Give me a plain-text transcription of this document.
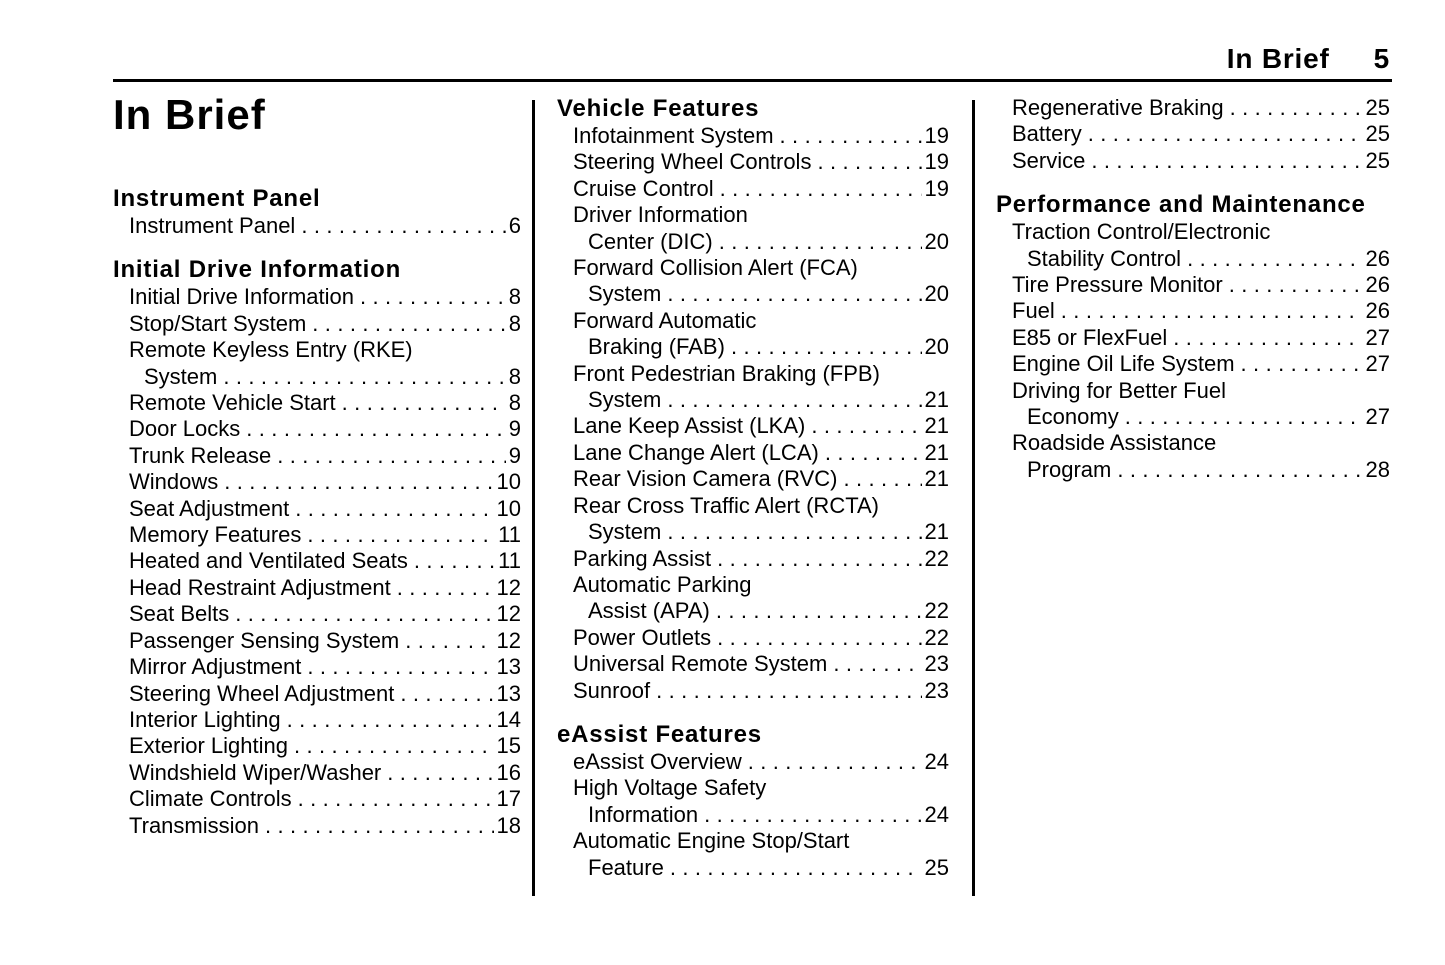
In Brief 5
In Brief
Instrument Panel
Instrument Panel .....	6
Initial Drive Information
Initial Drive Information .....	8
Stop/Start System .....	8
Remote Keyless Entry (RKE)
System .....	8
Remote Vehicle Start .....	8
Door Locks .....	9
Trunk Release .....	9
Windows .....	10
Seat Adjustment .....	10
Memory Features .....	11
Heated and Ventilated Seats .....	11
Head Restraint Adjustment .....	12
Seat Belts .....	12
Passenger Sensing System .....	12
Mirror Adjustment .....	13
Steering Wheel Adjustment .....	13
Interior Lighting .....	14
Exterior Lighting .....	15
Windshield Wiper/Washer .....	16
Climate Controls .....	17
Transmission .....	18
Vehicle Features
Infotainment System .....	19
Steering Wheel Controls .....	19
Cruise Control .....	19
Driver Information
Center (DIC) .....	20
Forward Collision Alert (FCA)
System .....	20
Forward Automatic
Braking (FAB) .....	20
Front Pedestrian Braking (FPB)
System .....	21
Lane Keep Assist (LKA) .....	21
Lane Change Alert (LCA) .....	21
Rear Vision Camera (RVC) .....	21
Rear Cross Traffic Alert (RCTA)
System .....	21
Parking Assist .....	22
Automatic Parking
Assist (APA) .....	22
Power Outlets .....	22
Universal Remote System .....	23
Sunroof .....	23
eAssist Features
eAssist Overview .....	24
High Voltage Safety
Information .....	24
Automatic Engine Stop/Start
Feature .....	25
Regenerative Braking .....	25
Battery .....	25
Service .....	25
Performance and Maintenance
Traction Control/Electronic
Stability Control .....	26
Tire Pressure Monitor .....	26
Fuel .....	26
E85 or FlexFuel .....	27
Engine Oil Life System .....	27
Driving for Better Fuel
Economy .....	27
Roadside Assistance
Program .....	28
